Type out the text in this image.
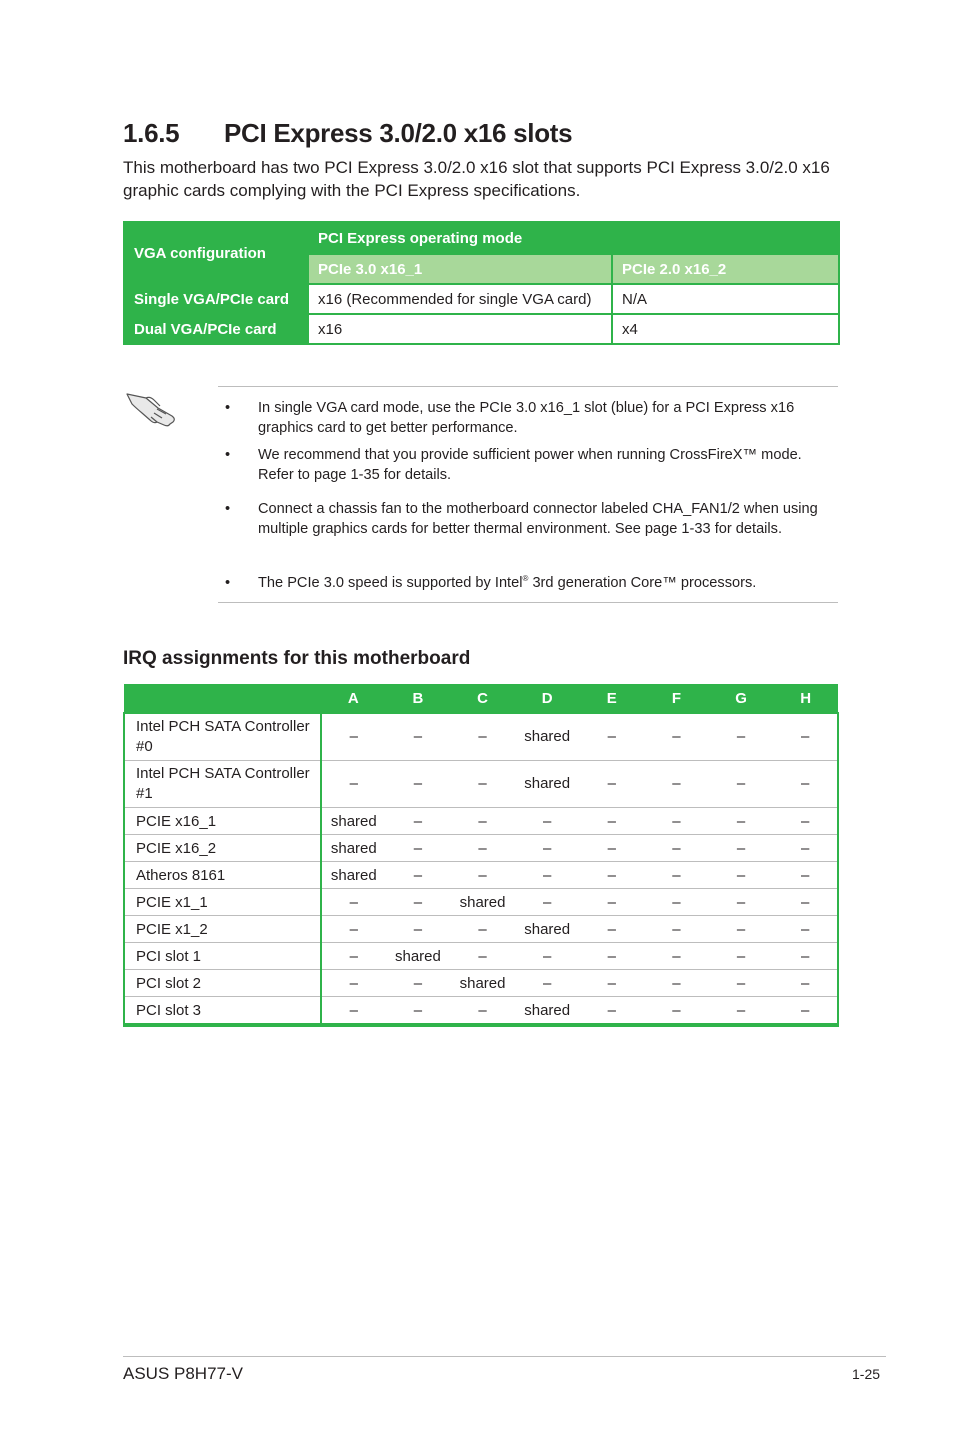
1.6.5 PCI Express 3.0/2.0 x16 slots

This motherboard has two PCI Express 3.0/2.0 x16 slot that supports PCI Express 3.0/2.0 x16 graphic cards complying with the PCI Express specifications.

VGA configuration	PCI Express operating mode	
	PCIe 3.0 x16_1	PCIe 2.0 x16_2
Single VGA/PCIe card	x16 (Recommended for single VGA card)	N/A
Dual VGA/PCIe card	x16	x4
• In single VGA card mode, use the PCIe 3.0 x16_1 slot (blue) for a PCI Express x16 graphics card to get better performance.
• We recommend that you provide sufficient power when running CrossFireX™ mode. Refer to page 1-35 for details.
• Connect a chassis fan to the motherboard connector labeled CHA_FAN1/2 when using multiple graphics cards for better thermal environment. See page 1-33 for details.
• The PCIe 3.0 speed is supported by Intel® 3rd generation Core™ processors.
IRQ assignments for this motherboard
	A	B	C	D	E	F	G	H
Intel PCH SATA Controller #0	–	–	–	shared	–	–	–	–
Intel PCH SATA Controller #1	–	–	–	shared	–	–	–	–
PCIE x16_1	shared	–	–	–	–	–	–	–
PCIE x16_2	shared	–	–	–	–	–	–	–
Atheros 8161	shared	–	–	–	–	–	–	–
PCIE x1_1	–	–	shared	–	–	–	–	–
PCIE x1_2	–	–	–	shared	–	–	–	–
PCI slot 1	–	shared	–	–	–	–	–	–
PCI slot 2	–	–	shared	–	–	–	–	–
PCI slot 3	–	–	–	shared	–	–	–	–
ASUS P8H77-V	1-25
